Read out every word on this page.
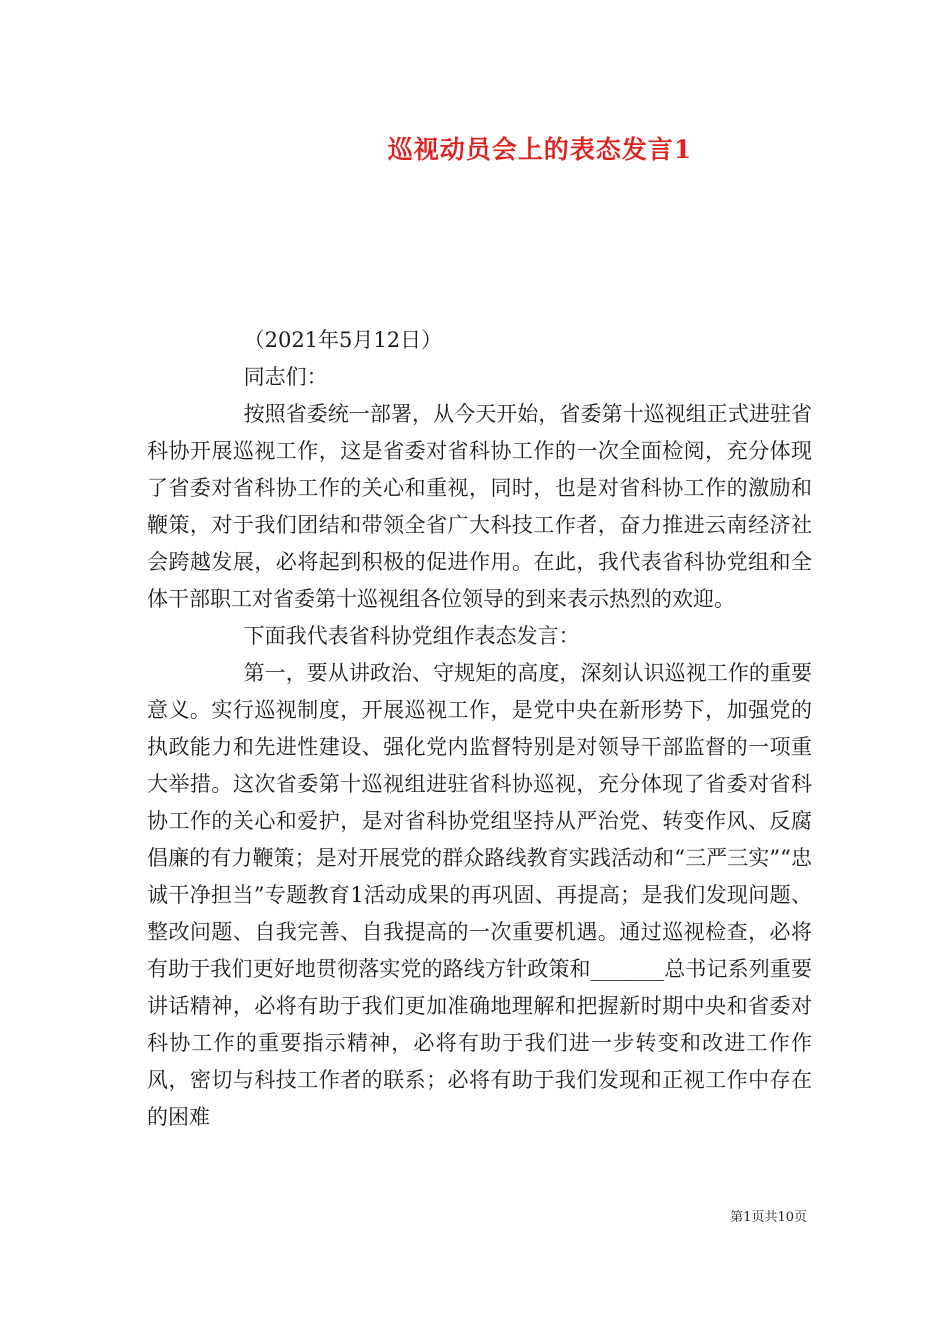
巡视动员会上的表态发言1

（2021年5月12日）

同志们：

按照省委统一部署，从今天开始，省委第十巡视组正式进驻省科协开展巡视工作，这是省委对省科协工作的一次全面检阅，充分体现了省委对省科协工作的关心和重视，同时，也是对省科协工作的激励和鞭策，对于我们团结和带领全省广大科技工作者，奋力推进云南经济社会跨越发展，必将起到积极的促进作用。在此，我代表省科协党组和全体干部职工对省委第十巡视组各位领导的到来表示热烈的欢迎。

下面我代表省科协党组作表态发言：

第一，要从讲政治、守规矩的高度，深刻认识巡视工作的重要意义。实行巡视制度，开展巡视工作，是党中央在新形势下，加强党的执政能力和先进性建设、强化党内监督特别是对领导干部监督的一项重大举措。这次省委第十巡视组进驻省科协巡视，充分体现了省委对省科协工作的关心和爱护，是对省科协党组坚持从严治党、转变作风、反腐倡廉的有力鞭策；是对开展党的群众路线教育实践活动和“三严三实”“忠诚干净担当”专题教育1活动成果的再巩固、再提高；是我们发现问题、整改问题、自我完善、自我提高的一次重要机遇。通过巡视检查，必将有助于我们更好地贯彻落实党的路线方针政策和_______总书记系列重要讲话精神，必将有助于我们更加准确地理解和把握新时期中央和省委对科协工作的重要指示精神，必将有助于我们进一步转变和改进工作作风，密切与科技工作者的联系；必将有助于我们发现和正视工作中存在的困难

第1页共10页
